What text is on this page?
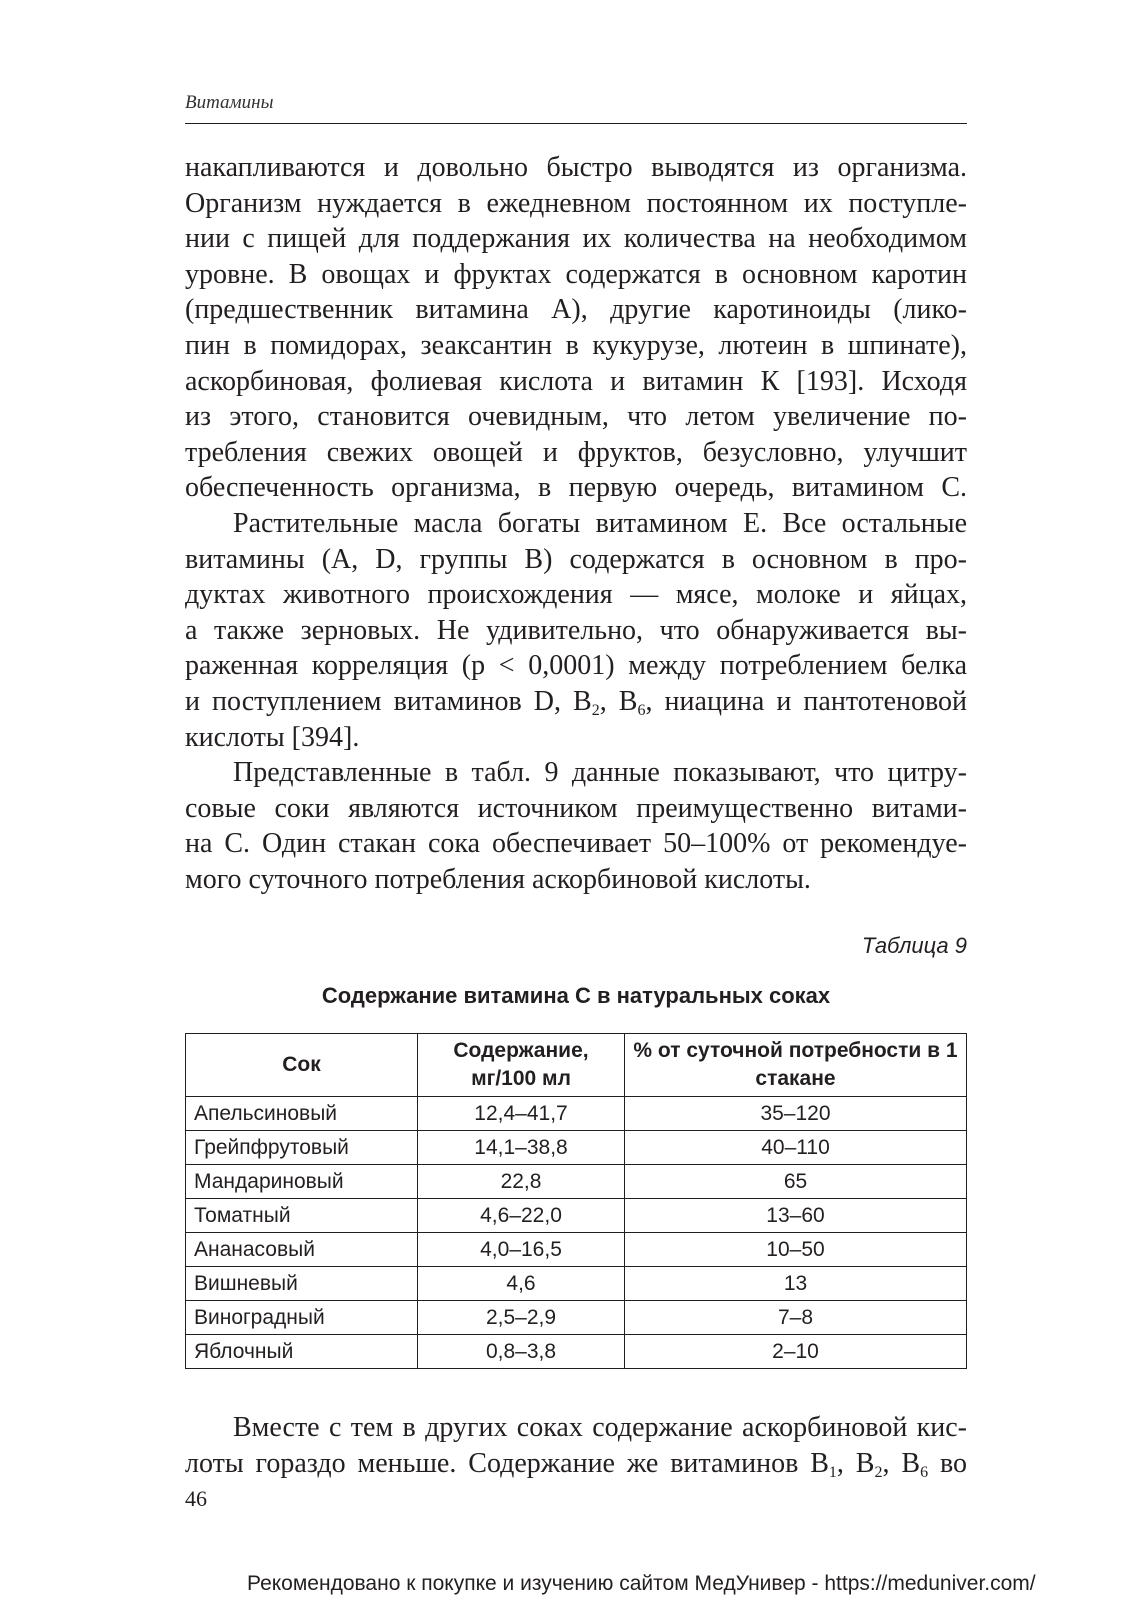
Витамины

накапливаются и довольно быстро выводятся из организма.
Организм нуждается в ежедневном постоянном их поступле-
нии с пищей для поддержания их количества на необходимом
уровне. В овощах и фруктах содержатся в основном каротин
(предшественник витамина А), другие каротиноиды (лико-
пин в помидорах, зеаксантин в кукурузе, лютеин в шпинате),
аскорбиновая, фолиевая кислота и витамин К [193]. Исходя
из этого, становится очевидным, что летом увеличение по-
требления свежих овощей и фруктов, безусловно, улучшит
обеспеченность организма, в первую очередь, витамином С.

Растительные масла богаты витамином Е. Все остальные
витамины (A, D, группы B) содержатся в основном в про-
дуктах животного происхождения — мясе, молоке и яйцах,
а также зерновых. Не удивительно, что обнаруживается вы-
раженная корреляция (p < 0,0001) между потреблением белка
и поступлением витаминов D, $B_2$, $B_6$, ниацина и пантотеновой
кислоты [394].

Представленные в табл. 9 данные показывают, что цитру-
совые соки являются источником преимущественно витами-
на С. Один стакан сока обеспечивает 50–100% от рекомендуе-
мого суточного потребления аскорбиновой кислоты.

Таблица 9
Содержание витамина С в натуральных соках
Сок	Содержание, мг/100 мл	% от суточной потребности в 1 стакане
Апельсиновый	12,4–41,7	35–120
Грейпфрутовый	14,1–38,8	40–110
Мандариновый	22,8	65
Томатный	4,6–22,0	13–60
Ананасовый	4,0–16,5	10–50
Вишневый	4,6	13
Виноградный	2,5–2,9	7–8
Яблочный	0,8–3,8	2–10
Вместе с тем в других соках содержание аскорбиновой кис-
лоты гораздо меньше. Содержание же витаминов $B_1$, $B_2$, $B_6$ во
46
Рекомендовано к покупке и изучению сайтом МедУнивер - https://meduniver.com/
